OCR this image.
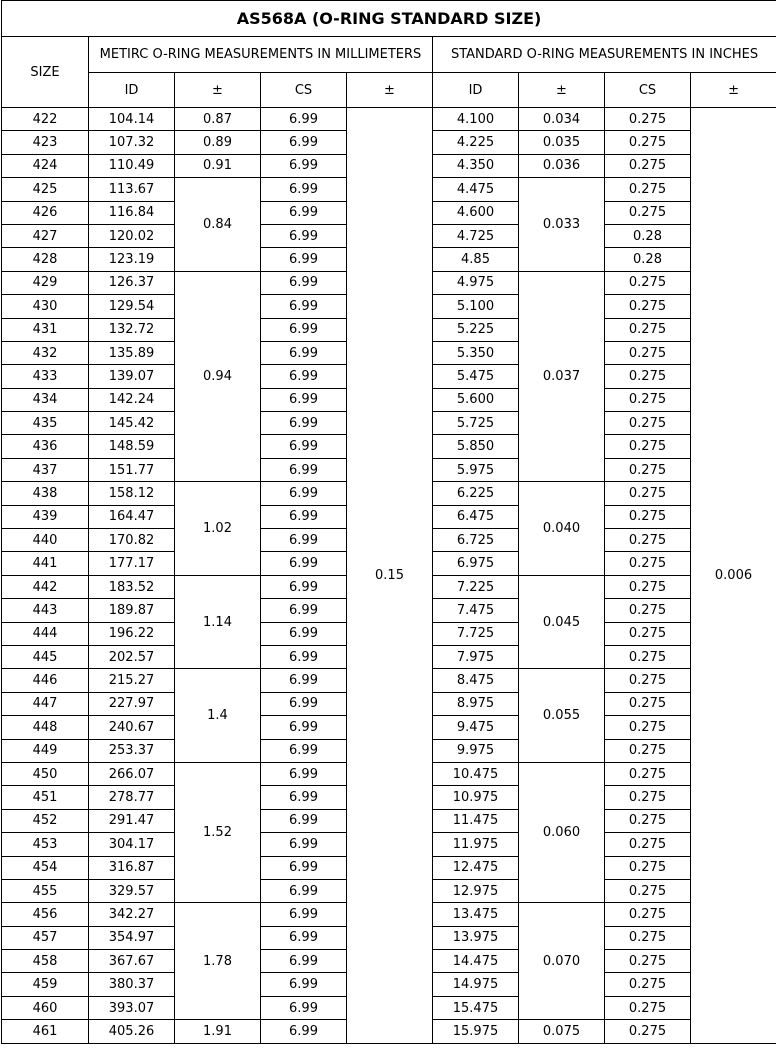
AS568A (O-RING STANDARD SIZE)								
SIZE	METIRC O-RING MEASUREMENTS IN MILLIMETERS				STANDARD O-RING MEASUREMENTS IN INCHES			
	ID	±	CS	±	ID	±	CS	±
422	104.14	0.87	6.99	0.15	4.100	0.034	0.275	0.006
423	107.32	0.89	6.99		4.225	0.035	0.275	
424	110.49	0.91	6.99		4.350	0.036	0.275	
425	113.67	0.84	6.99		4.475	0.033	0.275	
426	116.84		6.99		4.600		0.275	
427	120.02		6.99		4.725		0.28	
428	123.19		6.99		4.85		0.28	
429	126.37	0.94	6.99		4.975	0.037	0.275	
430	129.54		6.99		5.100		0.275	
431	132.72		6.99		5.225		0.275	
432	135.89		6.99		5.350		0.275	
433	139.07		6.99		5.475		0.275	
434	142.24		6.99		5.600		0.275	
435	145.42		6.99		5.725		0.275	
436	148.59		6.99		5.850		0.275	
437	151.77		6.99		5.975		0.275	
438	158.12	1.02	6.99		6.225	0.040	0.275	
439	164.47		6.99		6.475		0.275	
440	170.82		6.99		6.725		0.275	
441	177.17		6.99		6.975		0.275	
442	183.52	1.14	6.99		7.225	0.045	0.275	
443	189.87		6.99		7.475		0.275	
444	196.22		6.99		7.725		0.275	
445	202.57		6.99		7.975		0.275	
446	215.27	1.4	6.99		8.475	0.055	0.275	
447	227.97		6.99		8.975		0.275	
448	240.67		6.99		9.475		0.275	
449	253.37		6.99		9.975		0.275	
450	266.07	1.52	6.99		10.475	0.060	0.275	
451	278.77		6.99		10.975		0.275	
452	291.47		6.99		11.475		0.275	
453	304.17		6.99		11.975		0.275	
454	316.87		6.99		12.475		0.275	
455	329.57		6.99		12.975		0.275	
456	342.27	1.78	6.99		13.475	0.070	0.275	
457	354.97		6.99		13.975		0.275	
458	367.67		6.99		14.475		0.275	
459	380.37		6.99		14.975		0.275	
460	393.07		6.99		15.475		0.275	
461	405.26	1.91	6.99		15.975	0.075	0.275	
